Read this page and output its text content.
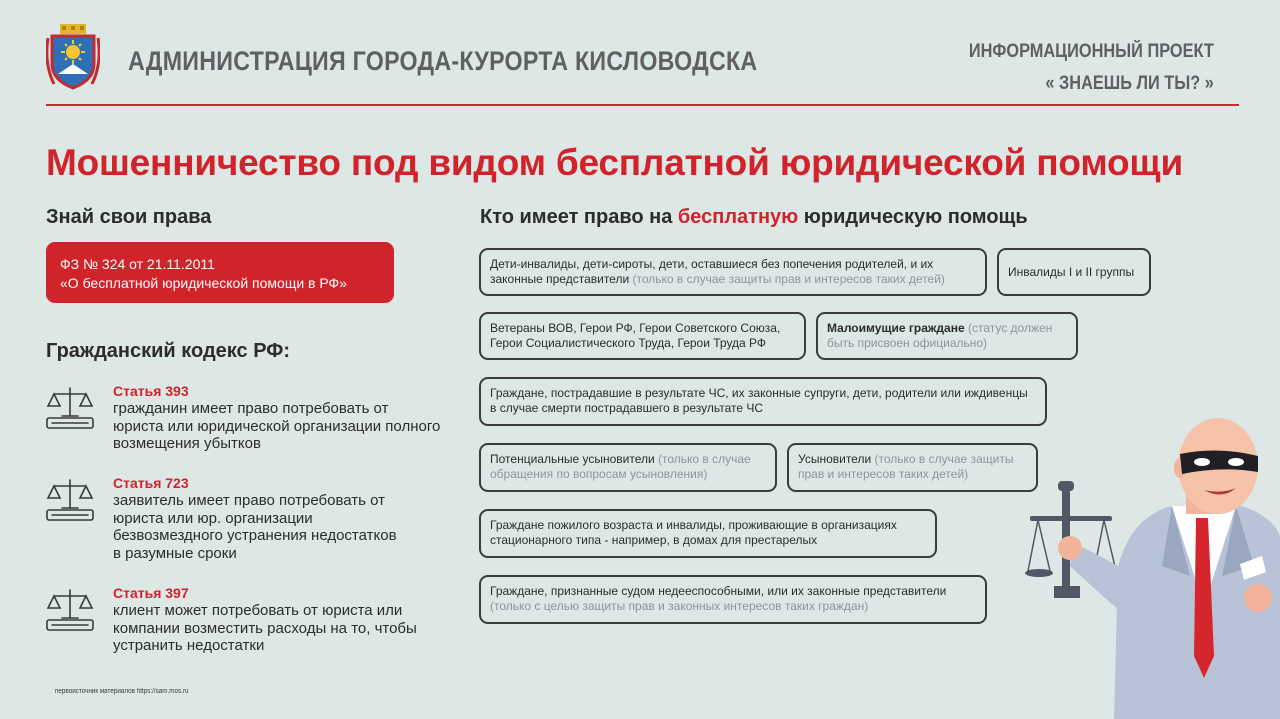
АДМИНИСТРАЦИЯ ГОРОДА-КУРОРТА КИСЛОВОДСКА	ИНФОРМАЦИОННЫЙ ПРОЕКТ
« ЗНАЕШЬ ЛИ ТЫ? »
Мошенничество под видом бесплатной юридической помощи
Знай свои права
ФЗ № 324 от 21.11.2011
«О бесплатной юридической помощи в РФ»
Гражданский кодекс РФ:
Статья 393
гражданин имеет право потребовать от юриста или юридической организации полного возмещения убытков
Статья 723
заявитель имеет право потребовать от юриста или юр. организации безвозмездного устранения недостатков в разумные сроки
Статья 397
клиент может потребовать от юриста или компании возместить расходы на то, чтобы устранить недостатки
первоисточник материалов https://sam.mos.ru
Кто имеет право на бесплатную юридическую помощь
Дети-инвалиды, дети-сироты, дети, оставшиеся без попечения родителей, и их законные представители (только в случае защиты прав и интересов таких детей)	Инвалиды I и II группы
Ветераны ВОВ, Герои РФ, Герои Советского Союза, Герои Социалистического Труда, Герои Труда РФ
Малоимущие граждане (статус должен быть присвоен официально)
Граждане, пострадавшие в результате ЧС, их законные супруги, дети, родители или иждивенцы в случае смерти пострадавшего в результате ЧС
Потенциальные усыновители (только в случае обращения по вопросам усыновления)
Усыновители (только в случае защиты прав и интересов таких детей)
Граждане пожилого возраста и инвалиды, проживающие в организациях стационарного типа - например, в домах для престарелых
Граждане, признанные судом недееспособными, или их законные представители (только с целью защиты прав и законных интересов таких граждан)
